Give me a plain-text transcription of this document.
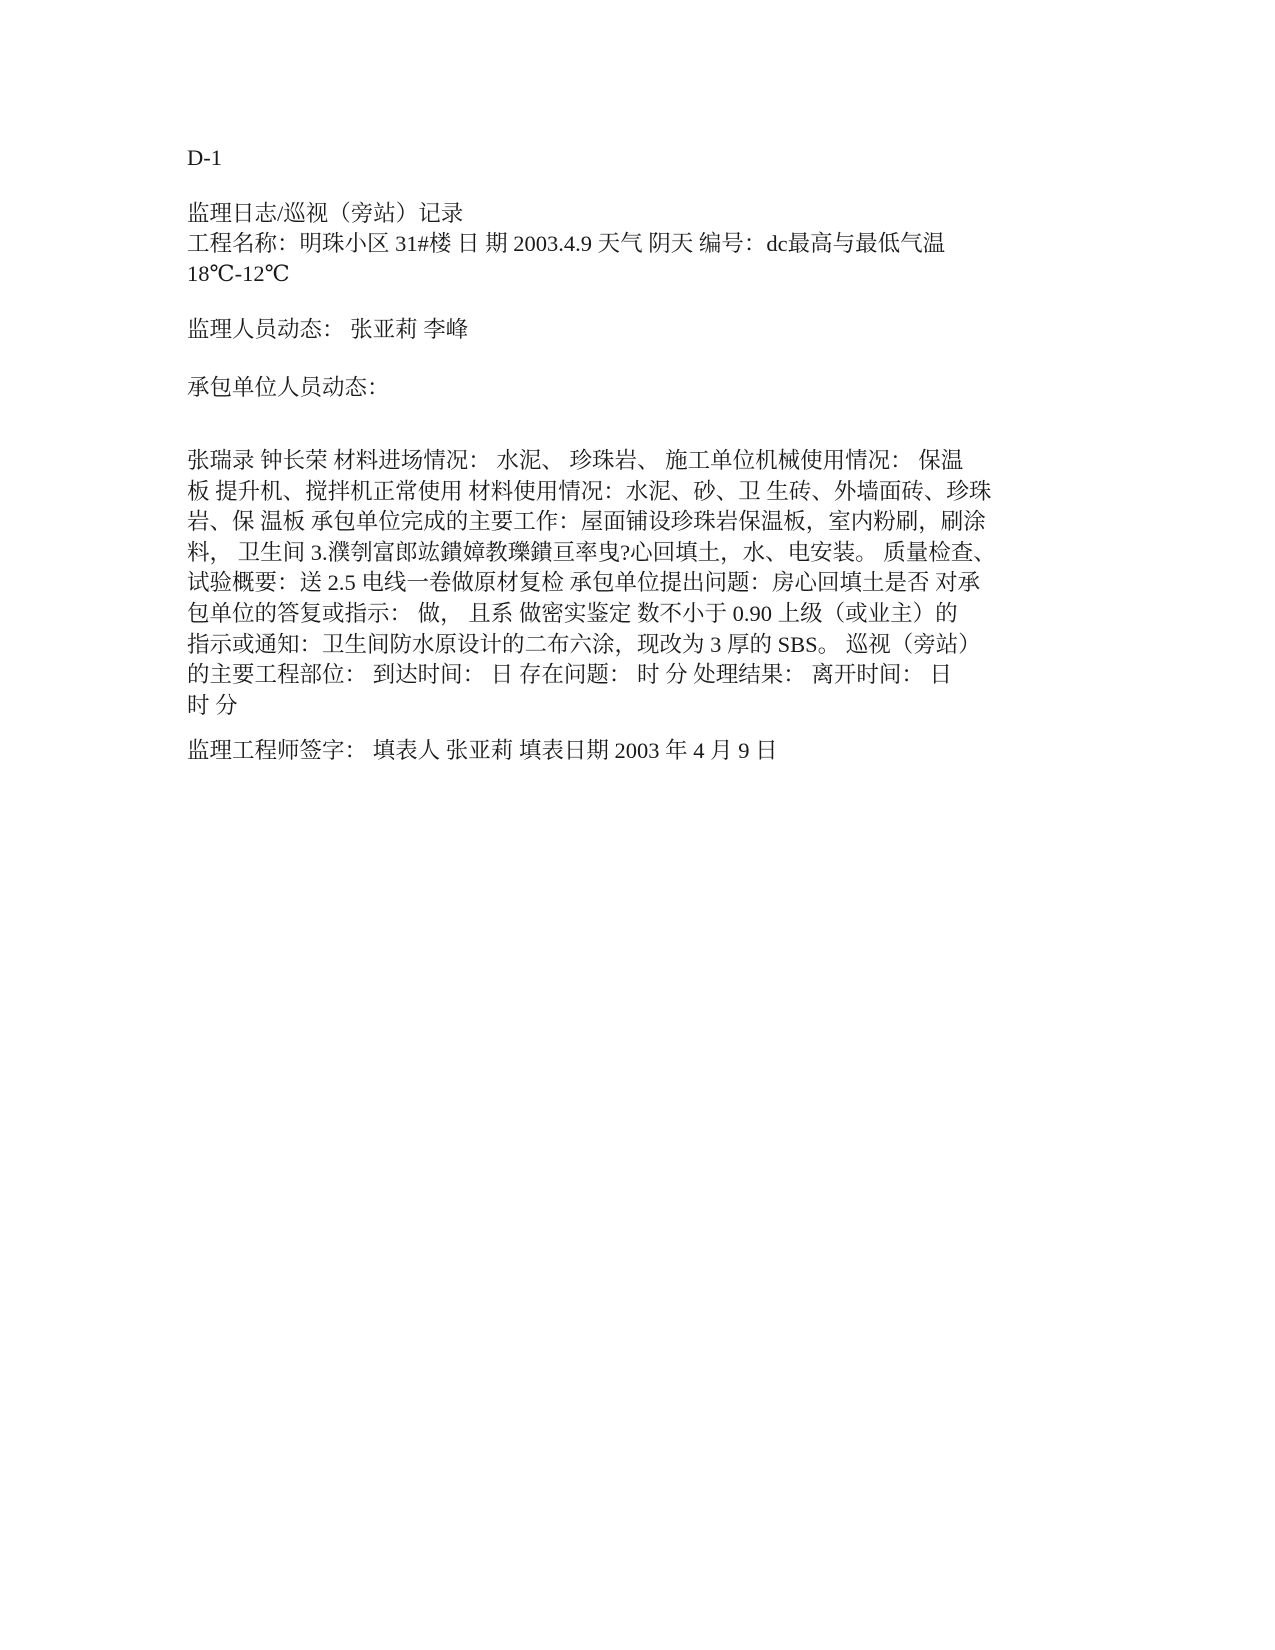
D-1
监理日志/巡视（旁站）记录
工程名称：明珠小区 31#楼 日 期 2003.4.9 天气 阴天 编号：dc最高与最低气温
18℃-12℃
监理人员动态： 张亚莉 李峰
承包单位人员动态：
张瑞录 钟长荣 材料进场情况： 水泥、 珍珠岩、 施工单位机械使用情况： 保温
板 提升机、搅拌机正常使用 材料使用情况：水泥、砂、卫 生砖、外墙面砖、珍珠
岩、保 温板 承包单位完成的主要工作：屋面铺设珍珠岩保温板，室内粉刷，刷涂
料， 卫生间 3.濮刳富郎竑鐀嫜教瓅鐀亘率曳?心回填土，水、电安装。 质量检查、
试验概要：送 2.5 电线一卷做原材复检 承包单位提出问题：房心回填土是否 对承
包单位的答复或指示： 做， 且系 做密实鉴定 数不小于 0.90 上级（或业主）的
指示或通知：卫生间防水原设计的二布六涂，现改为 3 厚的 SBS。 巡视（旁站）
的主要工程部位： 到达时间： 日 存在问题： 时 分 处理结果： 离开时间： 日
时 分
监理工程师签字： 填表人 张亚莉 填表日期 2003 年 4 月 9 日
